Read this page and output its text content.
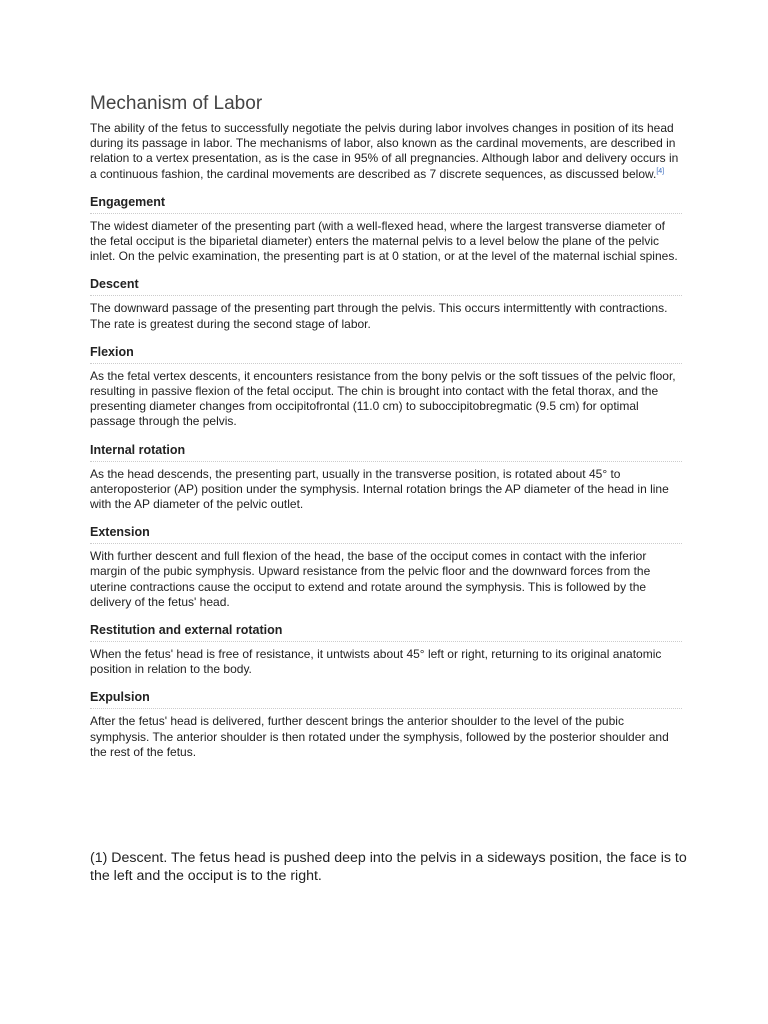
Mechanism of Labor

The ability of the fetus to successfully negotiate the pelvis during labor involves changes in position of its head during its passage in labor. The mechanisms of labor, also known as the cardinal movements, are described in relation to a vertex presentation, as is the case in 95% of all pregnancies. Although labor and delivery occurs in a continuous fashion, the cardinal movements are described as 7 discrete sequences, as discussed below.[4]

Engagement

The widest diameter of the presenting part (with a well-flexed head, where the largest transverse diameter of the fetal occiput is the biparietal diameter) enters the maternal pelvis to a level below the plane of the pelvic inlet. On the pelvic examination, the presenting part is at 0 station, or at the level of the maternal ischial spines.

Descent

The downward passage of the presenting part through the pelvis. This occurs intermittently with contractions. The rate is greatest during the second stage of labor.

Flexion

As the fetal vertex descents, it encounters resistance from the bony pelvis or the soft tissues of the pelvic floor, resulting in passive flexion of the fetal occiput. The chin is brought into contact with the fetal thorax, and the presenting diameter changes from occipitofrontal (11.0 cm) to suboccipitobregmatic (9.5 cm) for optimal passage through the pelvis.

Internal rotation

As the head descends, the presenting part, usually in the transverse position, is rotated about 45° to anteroposterior (AP) position under the symphysis. Internal rotation brings the AP diameter of the head in line with the AP diameter of the pelvic outlet.

Extension

With further descent and full flexion of the head, the base of the occiput comes in contact with the inferior margin of the pubic symphysis. Upward resistance from the pelvic floor and the downward forces from the uterine contractions cause the occiput to extend and rotate around the symphysis. This is followed by the delivery of the fetus' head.

Restitution and external rotation

When the fetus' head is free of resistance, it untwists about 45° left or right, returning to its original anatomic position in relation to the body.

Expulsion

After the fetus' head is delivered, further descent brings the anterior shoulder to the level of the pubic symphysis. The anterior shoulder is then rotated under the symphysis, followed by the posterior shoulder and the rest of the fetus.

(1) Descent. The fetus head is pushed deep into the pelvis in a sideways position, the face is to the left and the occiput is to the right.
